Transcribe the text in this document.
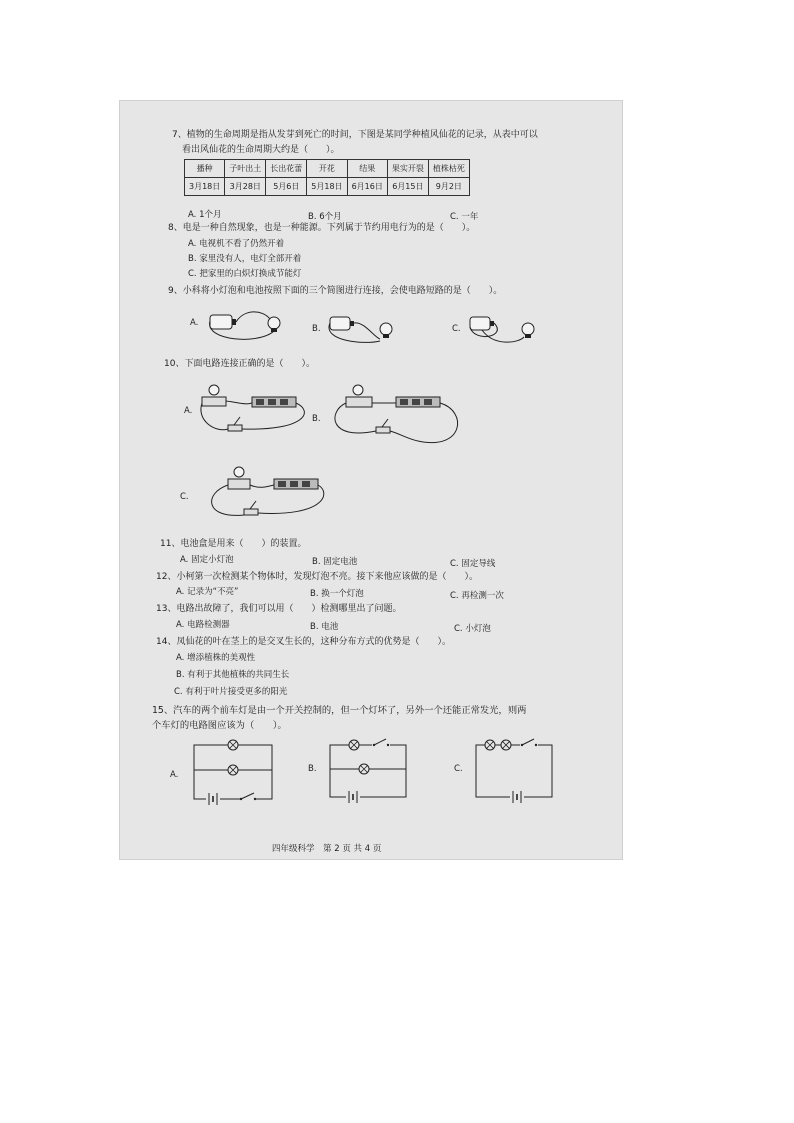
7、植物的生命周期是指从发芽到死亡的时间，下图是某同学种植风仙花的记录，从表中可以
看出风仙花的生命周期大约是（　　）。
播种	子叶出土	长出花蕾	开花	结果	果实开裂	植株枯死
3月18日	3月28日	5月6日	5月18日	6月16日	6月15日	9月2日
A. 1个月	B. 6个月	C. 一年
8、电是一种自然现象，也是一种能源。下列属于节约用电行为的是（　　）。
A. 电视机不看了仍然开着
B. 家里没有人，电灯全部开着
C. 把家里的白炽灯换成节能灯
9、小科将小灯泡和电池按照下面的三个简图进行连接，会使电路短路的是（　　）。
A.
B.	C.
10、下面电路连接正确的是（　　）。
A.
B.
C.
11、电池盒是用来（　　）的装置。
A. 固定小灯泡	B. 固定电池	C. 固定导线
12、小柯第一次检测某个物体时，发现灯泡不亮。接下来他应该做的是（　　）。
A. 记录为“不亮”	B. 换一个灯泡	C. 再检测一次
13、电路出故障了，我们可以用（　　）检测哪里出了问题。
A. 电路检测器	B. 电池	C. 小灯泡
14、凤仙花的叶在茎上的是交叉生长的，这种分布方式的优势是（　　）。
A. 增添植株的美观性
B. 有利于其他植株的共同生长
C. 有利于叶片接受更多的阳光
15、汽车的两个前车灯是由一个开关控制的，但一个灯坏了，另外一个还能正常发光，则两
个车灯的电路图应该为（　　）。
A.
B.	C.
四年级科学　第 2 页 共 4 页
